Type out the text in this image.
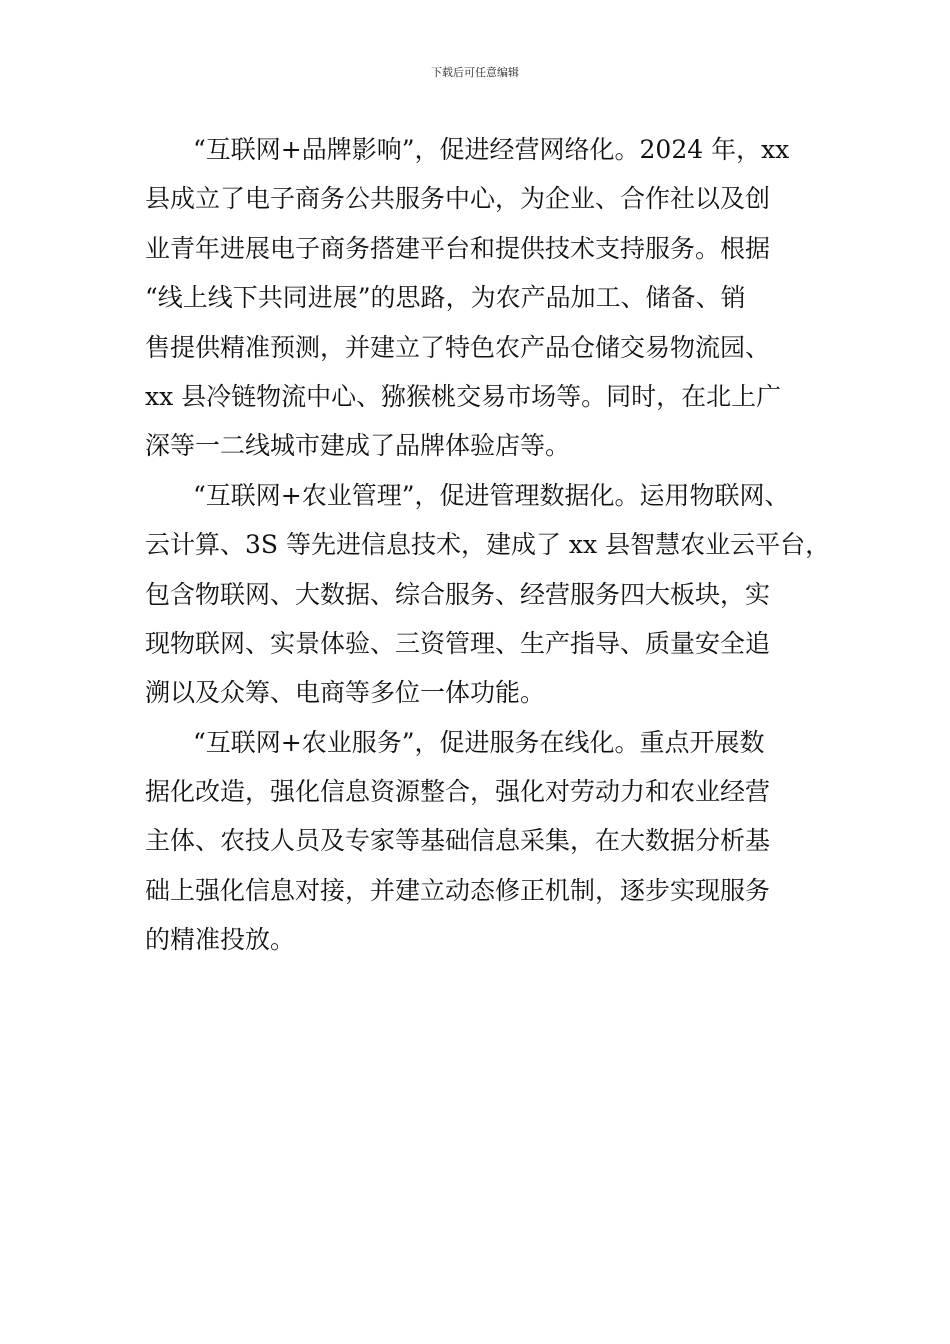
下载后可任意编辑
“互联网+品牌影响”，促进经营网络化。2024 年，xx
县成立了电子商务公共服务中心，为企业、合作社以及创
业青年进展电子商务搭建平台和提供技术支持服务。根据
“线上线下共同进展”的思路，为农产品加工、储备、销
售提供精准预测，并建立了特色农产品仓储交易物流园、
xx 县冷链物流中心、猕猴桃交易市场等。同时，在北上广
深等一二线城市建成了品牌体验店等。
“互联网+农业管理”，促进管理数据化。运用物联网、
云计算、3S 等先进信息技术，建成了 xx 县智慧农业云平台，
包含物联网、大数据、综合服务、经营服务四大板块，实
现物联网、实景体验、三资管理、生产指导、质量安全追
溯以及众筹、电商等多位一体功能。
“互联网+农业服务”，促进服务在线化。重点开展数
据化改造，强化信息资源整合，强化对劳动力和农业经营
主体、农技人员及专家等基础信息采集，在大数据分析基
础上强化信息对接，并建立动态修正机制，逐步实现服务
的精准投放。
